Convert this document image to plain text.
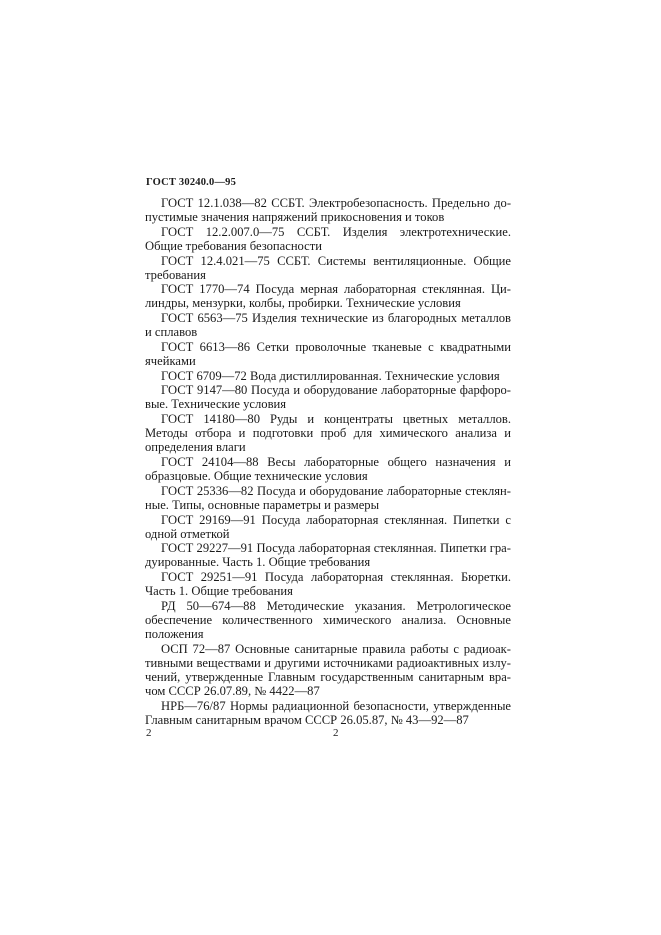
ГОСТ 30240.0—95

ГОСТ 12.1.038—82 ССБТ. Электробезопасность. Предельно допустимые значения напряжений прикосновения и токов

ГОСТ 12.2.007.0—75 ССБТ. Изделия электротехнические. Общие требования безопасности

ГОСТ 12.4.021—75 ССБТ. Системы вентиляционные. Общие требования

ГОСТ 1770—74 Посуда мерная лабораторная стеклянная. Цилиндры, мензурки, колбы, пробирки. Технические условия

ГОСТ 6563—75 Изделия технические из благородных металлов и сплавов

ГОСТ 6613—86 Сетки проволочные тканевые с квадратными ячейками

ГОСТ 6709—72 Вода дистиллированная. Технические условия

ГОСТ 9147—80 Посуда и оборудование лабораторные фарфоровые. Технические условия

ГОСТ 14180—80 Руды и концентраты цветных металлов. Методы отбора и подготовки проб для химического анализа и определения влаги

ГОСТ 24104—88 Весы лабораторные общего назначения и образцовые. Общие технические условия

ГОСТ 25336—82 Посуда и оборудование лабораторные стеклянные. Типы, основные параметры и размеры

ГОСТ 29169—91 Посуда лабораторная стеклянная. Пипетки с одной отметкой

ГОСТ 29227—91 Посуда лабораторная стеклянная. Пипетки градуированные. Часть 1. Общие требования

ГОСТ 29251—91 Посуда лабораторная стеклянная. Бюретки. Часть 1. Общие требования

РД 50—674—88 Методические указания. Метрологическое обеспечение количественного химического анализа. Основные положения

ОСП 72—87 Основные санитарные правила работы с радиоактивными веществами и другими источниками радиоактивных излучений, утвержденные Главным государственным санитарным врачом СССР 26.07.89, № 4422—87

НРБ—76/87 Нормы радиационной безопасности, утвержденные Главным санитарным врачом СССР 26.05.87, № 43—92—87

2	2
